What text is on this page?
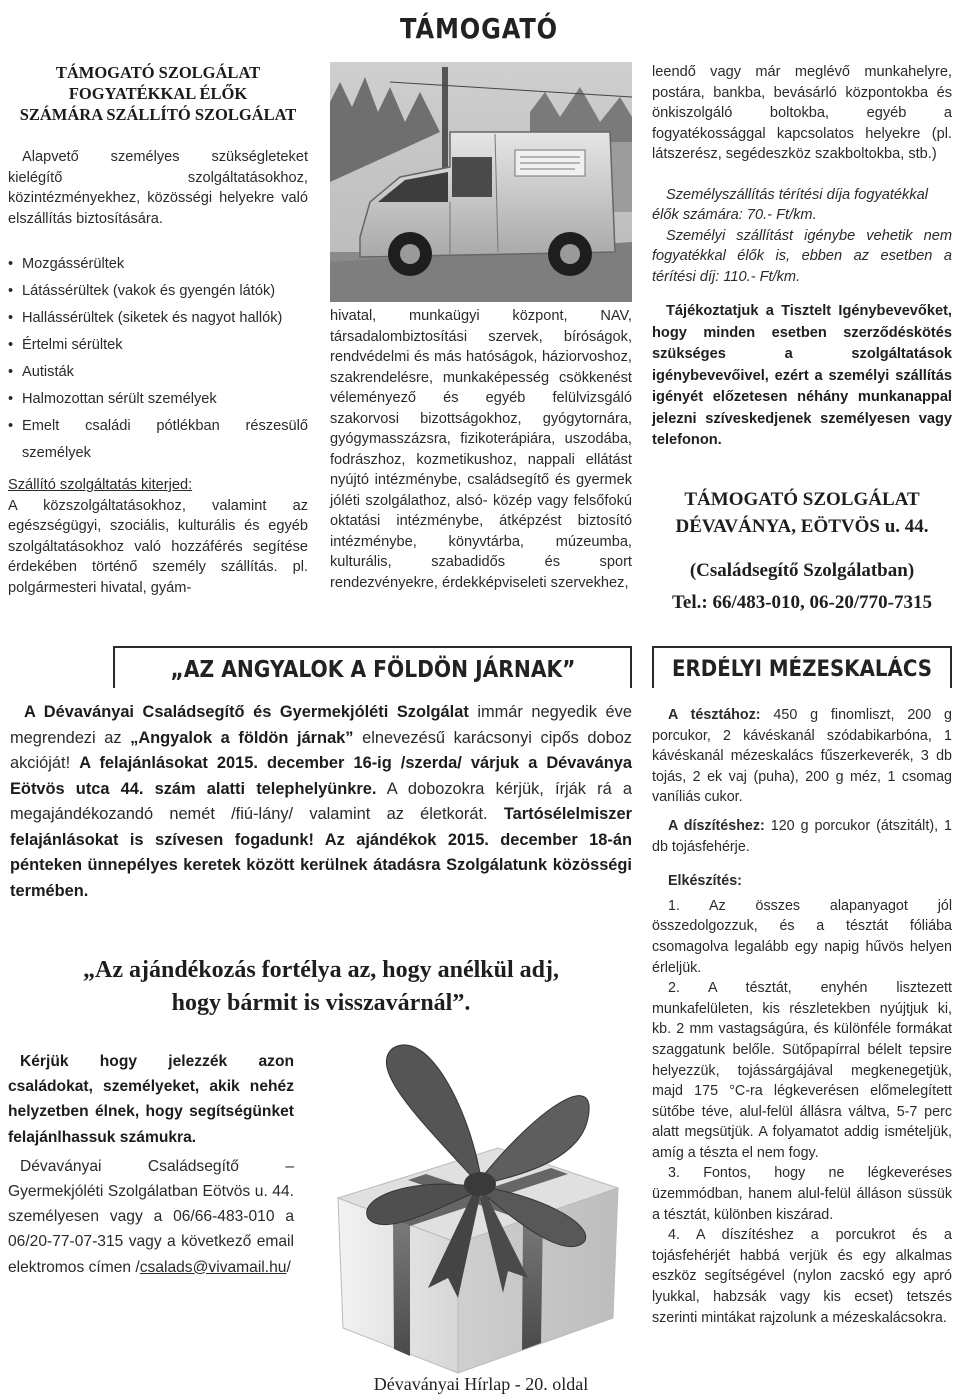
TÁMOGATÓ
TÁMOGATÓ SZOLGÁLAT
FOGYATÉKKAL ÉLŐK
SZÁMÁRA SZÁLLÍTÓ SZOLGÁLAT

Alapvető személyes szükségleteket kielégítő szolgáltatásokhoz, közintézményekhez, közösségi helyekre való elszállítás biztosítására.

• Mozgássérültek
• Látássérültek (vakok és gyengén látók)
• Hallássérültek (siketek és nagyot hallók)
• Értelmi sérültek
• Autisták
• Halmozottan sérült személyek
• Emelt családi pótlékban részesülő személyek

Szállító szolgáltatás kiterjed:

A közszolgáltatásokhoz, valamint az egészségügyi, szociális, kulturális és egyéb szolgáltatásokhoz való hozzáférés segítése érdekében történő személy szállítás. pl. polgármesteri hivatal, gyám-

hivatal, munkaügyi központ, NAV, társadalombiztosítási szervek, bíróságok, rendvédelmi és más hatóságok, háziorvoshoz, szakrendelésre, munkaképesség csökkenést véleményező és egyéb felülvizsgáló szakorvosi bizottságokhoz, gyógytornára, gyógymasszázsra, fizikoterápiára, uszodába, fodrászhoz, kozmetikushoz, nappali ellátást nyújtó intézménybe, családsegítő és gyermek jóléti szolgálathoz, alsó- közép vagy felsőfokú oktatási intézménybe, átképzést biztosító intézménybe, könyvtárba, múzeumba, kulturális, szabadidős és sport rendezvényekre, érdekképviseleti szervekhez,

leendő vagy már meglévő munkahelyre, postára, bankba, bevásárló központokba és önkiszolgáló boltokba, egyéb a fogyatékossággal kapcsolatos helyekre (pl. látszerész, segédeszköz szakboltokba, stb.)

Személyszállítás térítési díja fogyatékkal élők számára: 70.- Ft/km.

Személyi szállítást igénybe vehetik nem fogyatékkal élők is, ebben az esetben a térítési díj: 110.- Ft/km.

Tájékoztatjuk a Tisztelt Igénybevevőket, hogy minden esetben szerződéskötés szükséges a szolgáltatások igénybevevőivel, ezért a személyi szállítás igényét előzetesen néhány munkanappal jelezni szíveskedjenek személyesen vagy telefonon.

TÁMOGATÓ SZOLGÁLAT

DÉVAVÁNYA, EÖTVÖS u. 44.

(Családsegítő Szolgálatban)

Tel.: 66/483-010, 06-20/770-7315

„AZ ANGYALOK A FÖLDÖN JÁRNAK”
A Dévaványai Családsegítő és Gyermekjóléti Szolgálat immár negyedik éve megrendezi az „Angyalok a földön járnak” elnevezésű karácsonyi cipős doboz akcióját! A felajánlásokat 2015. december 16-ig /szerda/ várjuk a Dévaványa Eötvös utca 44. szám alatti telephelyünkre. A dobozokra kérjük, írják rá a megajándékozandó nemét /fiú-lány/ valamint az életkorát. Tartósélelmiszer felajánlásokat is szívesen fogadunk! Az ajándékok 2015. december 18-án pénteken ünnepélyes keretek között kerülnek átadásra Szolgálatunk közösségi termében.
„Az ajándékozás fortélya az, hogy anélkül adj,
hogy bármit is visszavárnál”.
Kérjük hogy jelezzék azon családokat, személyeket, akik nehéz helyzetben élnek, hogy segítségünket felajánlhassuk számukra.
Dévaványai Családsegítő – Gyermekjóléti Szolgálatban Eötvös u. 44. személyesen vagy a 06/66-483-010 a 06/20-77-07-315 vagy a következő email elektromos címen /csalads@vivamail.hu/
ERDÉLYI MÉZESKALÁCS

A tésztához: 450 g finomliszt, 200 g porcukor, 2 kávéskanál szódabikarbóna, 1 kávéskanál mézeskalács fűszerkeverék, 3 db tojás, 2 ek vaj (puha), 200 g méz, 1 csomag vaníliás cukor.

A díszítéshez: 120 g porcukor (átszitált), 1 db tojásfehérje.

Elkészítés:

1. Az összes alapanyagot jól összedolgozzuk, és a tésztát fóliába csomagolva legalább egy napig hűvös helyen érleljük.

2. A tésztát, enyhén lisztezett munkafelületen, kis részletekben nyújtjuk ki, kb. 2 mm vastagságúra, és különféle formákat szaggatunk belőle. Sütőpapírral bélelt tepsire helyezzük, tojássárgájával megkenegetjük, majd 175 °C-ra légkeverésen előmelegített sütőbe téve, alul-felül állásra váltva, 5-7 perc alatt megsütjük. A folyamatot addig ismételjük, amíg a tészta el nem fogy.

3. Fontos, hogy ne légkeveréses üzemmódban, hanem alul-felül álláson süssük a tésztát, különben kiszárad.

4. A díszítéshez a porcukrot és a tojásfehérjét habbá verjük és egy alkalmas eszköz segítségével (nylon zacskó egy apró lyukkal, habzsák vagy kis ecset) tetszés szerinti mintákat rajzolunk a mézeskalácsokra.

Dévaványai Hírlap - 20. oldal
